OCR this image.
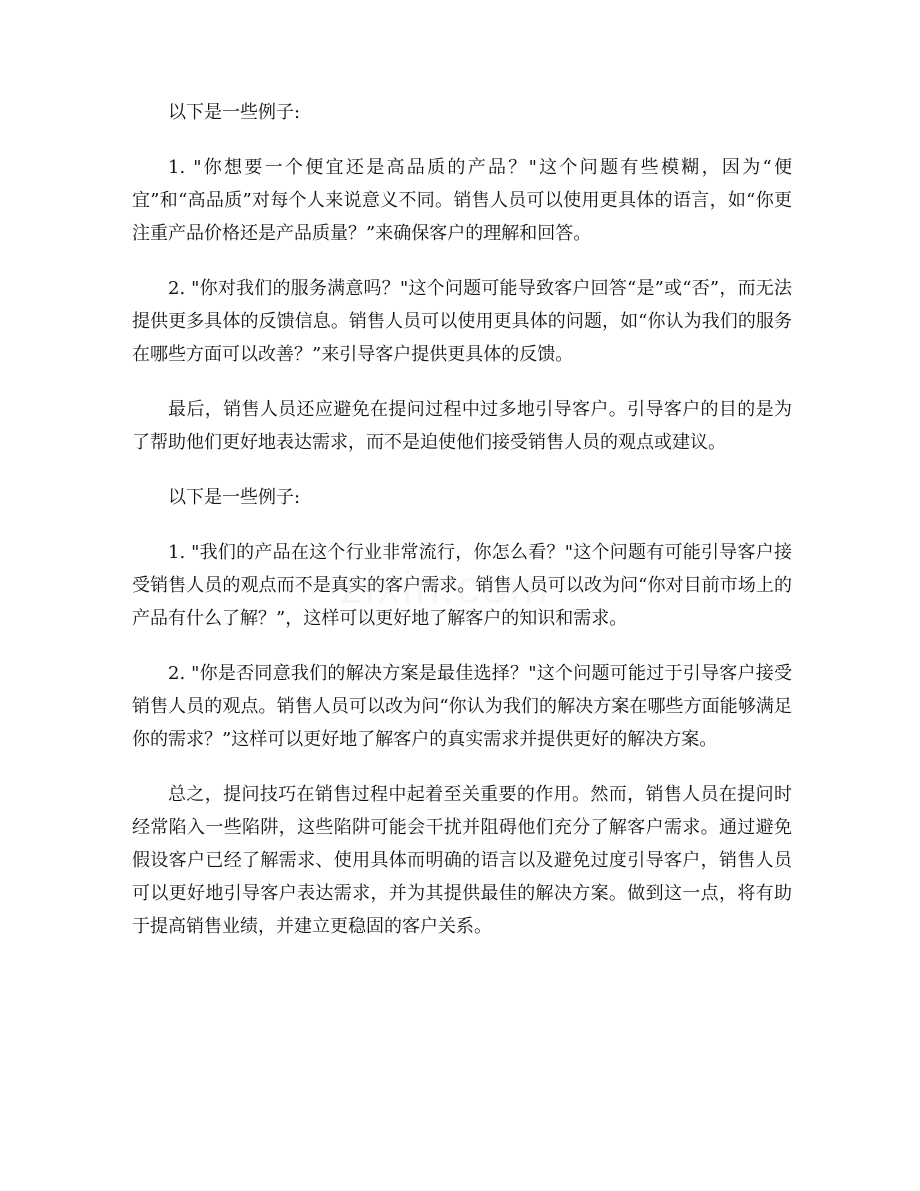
以下是一些例子:

1. "你想要一个便宜还是高品质的产品？"这个问题有些模糊，因为“便宜”和“高品质”对每个人来说意义不同。销售人员可以使用更具体的语言，如“你更注重产品价格还是产品质量？”来确保客户的理解和回答。

2. "你对我们的服务满意吗？"这个问题可能导致客户回答“是”或“否”，而无法提供更多具体的反馈信息。销售人员可以使用更具体的问题，如“你认为我们的服务在哪些方面可以改善？”来引导客户提供更具体的反馈。

最后，销售人员还应避免在提问过程中过多地引导客户。引导客户的目的是为了帮助他们更好地表达需求，而不是迫使他们接受销售人员的观点或建议。

以下是一些例子:

1. "我们的产品在这个行业非常流行，你怎么看？"这个问题有可能引导客户接受销售人员的观点而不是真实的客户需求。销售人员可以改为问“你对目前市场上的产品有什么了解？”，这样可以更好地了解客户的知识和需求。

2. "你是否同意我们的解决方案是最佳选择？"这个问题可能过于引导客户接受销售人员的观点。销售人员可以改为问“你认为我们的解决方案在哪些方面能够满足你的需求？”这样可以更好地了解客户的真实需求并提供更好的解决方案。

总之，提问技巧在销售过程中起着至关重要的作用。然而，销售人员在提问时经常陷入一些陷阱，这些陷阱可能会干扰并阻碍他们充分了解客户需求。通过避免假设客户已经了解需求、使用具体而明确的语言以及避免过度引导客户，销售人员可以更好地引导客户表达需求，并为其提供最佳的解决方案。做到这一点，将有助于提高销售业绩，并建立更稳固的客户关系。
